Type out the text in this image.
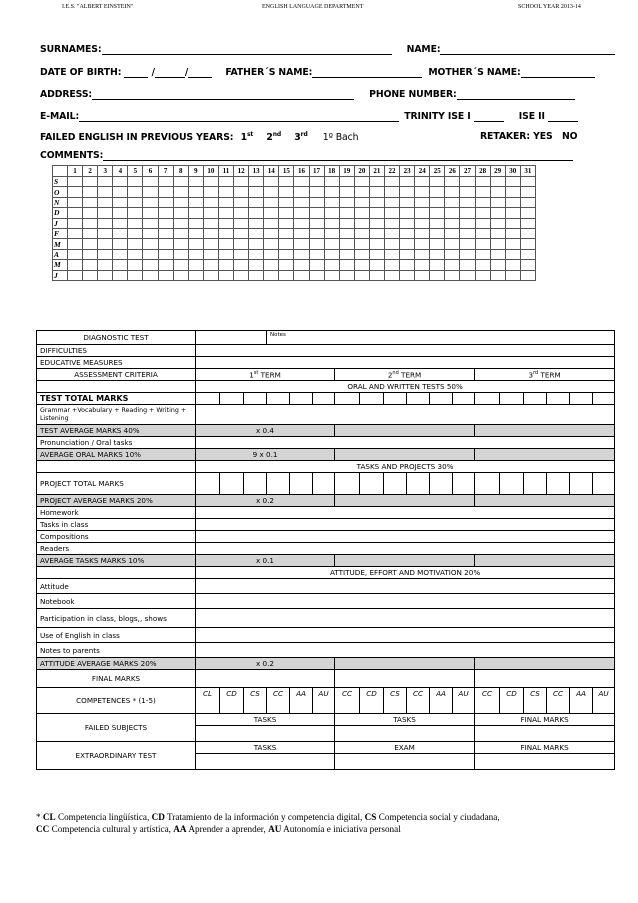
I.E.S. "ALBERT EINSTEIN"	ENGLISH LANGUAGE DEPARTMENT	SCHOOL YEAR 2013-14
SURNAMES:	NAME:
DATE OF BIRTH:	/	/	FATHER´S NAME:	MOTHER´S NAME:
ADDRESS:	PHONE NUMBER:
E-MAIL:	TRINITY ISE I	ISE II
FAILED ENGLISH IN PREVIOUS YEARS: 1st 2nd 3rd 1º Bach	RETAKER: YES   NO
COMMENTS:
	1	2	3	4	5	6	7	8	9	10	11	12	13	14	15	16	17	18	19	20	21	22	23	24	25	26	27	28	29	30	31
S																															
O																															
N																															
D																															
J																															
F																															
M																															
A																															
M																															
J																															
DIAGNOSTIC TEST				Notes														
DIFFICULTIES																		
EDUCATIVE MEASURES																		
ASSESSMENT CRITERIA	1st TERM						2nd TERM						3rd TERM					
	ORAL AND WRITTEN TESTS 50%																	
TEST TOTAL MARKS																		
Grammar +Vocabulary + Reading + Writing + Listening																		
TEST AVERAGE MARKS 40%	x 0.4																	
Pronunciation / Oral tasks																		
AVERAGE ORAL MARKS 10%	9 x 0.1																	
	TASKS AND PROJECTS 30%																	
PROJECT TOTAL MARKS																		
PROJECT AVERAGE MARKS 20%	x 0.2																	
Homework																		
Tasks in class																		
Compositions																		
Readers																		
AVERAGE TASKS MARKS 10%	x 0.1																	
	ATTITUDE, EFFORT AND MOTIVATION 20%																	
Attitude																		
Notebook																		
Participation in class, blogs,, shows																		
Use of English in class																		
Notes to parents																		
ATTITUDE AVERAGE MARKS 20%	x 0.2																	
FINAL MARKS																		
COMPETENCES * (1-5)	CL	CD	CS	CC	AA	AU	CC	CD	CS	CC	AA	AU	CC	CD	CS	CC	AA	AU
FAILED SUBJECTS	TASKS						TASKS						FINAL MARKS					

EXTRAORDINARY TEST	TASKS						EXAM						FINAL MARKS					

* CL Competencia lingüística, CD Tratamiento de la información y competencia digital, CS Competencia social y ciudadana,
CC Competencia cultural y artística, AA Aprender a aprender, AU Autonomía e iniciativa personal
